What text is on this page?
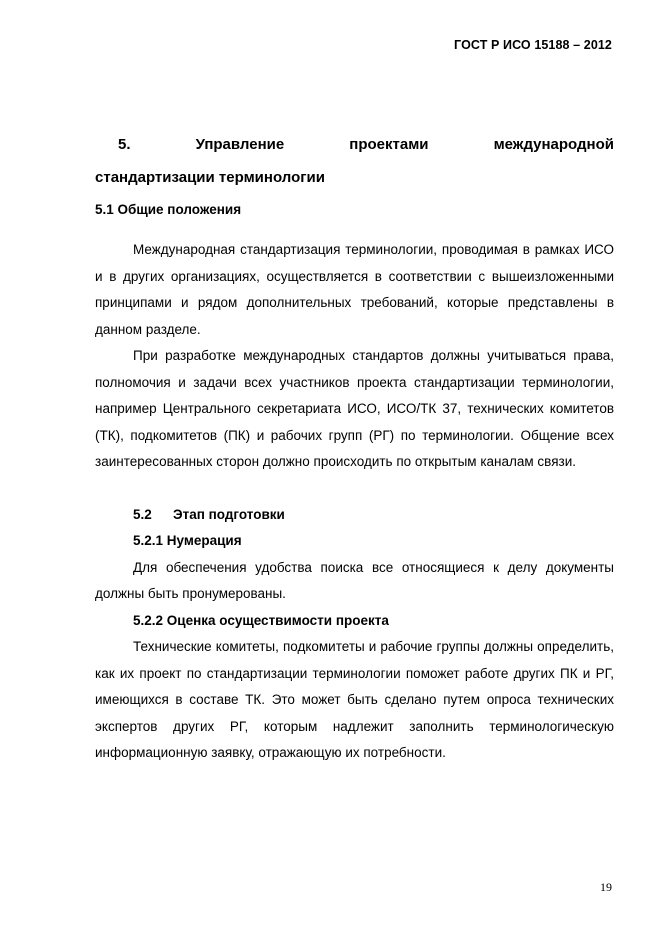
ГОСТ Р ИСО 15188 – 2012
5.	Управление	проектами	международной
стандартизации терминологии
5.1 Общие положения

Международная стандартизация терминологии, проводимая в рамках ИСО и в других организациях, осуществляется в соответствии с вышеизложенными принципами и рядом дополнительных требований, которые представлены в данном разделе.

При разработке международных стандартов должны учитываться права, полномочия и задачи всех участников проекта стандартизации терминологии, например Центрального секретариата ИСО, ИСО/ТК 37, технических комитетов (ТК), подкомитетов (ПК) и рабочих групп (РГ) по терминологии. Общение всех заинтересованных сторон должно происходить по открытым каналам связи.

5.2 Этап подготовки
5.2.1 Нумерация

Для обеспечения удобства поиска все относящиеся к делу документы должны быть пронумерованы.

5.2.2 Оценка осуществимости проекта

Технические комитеты, подкомитеты и рабочие группы должны определить, как их проект по стандартизации терминологии поможет работе других ПК и РГ, имеющихся в составе ТК. Это может быть сделано путем опроса технических экспертов других РГ, которым надлежит заполнить терминологическую информационную заявку, отражающую их потребности.

19
